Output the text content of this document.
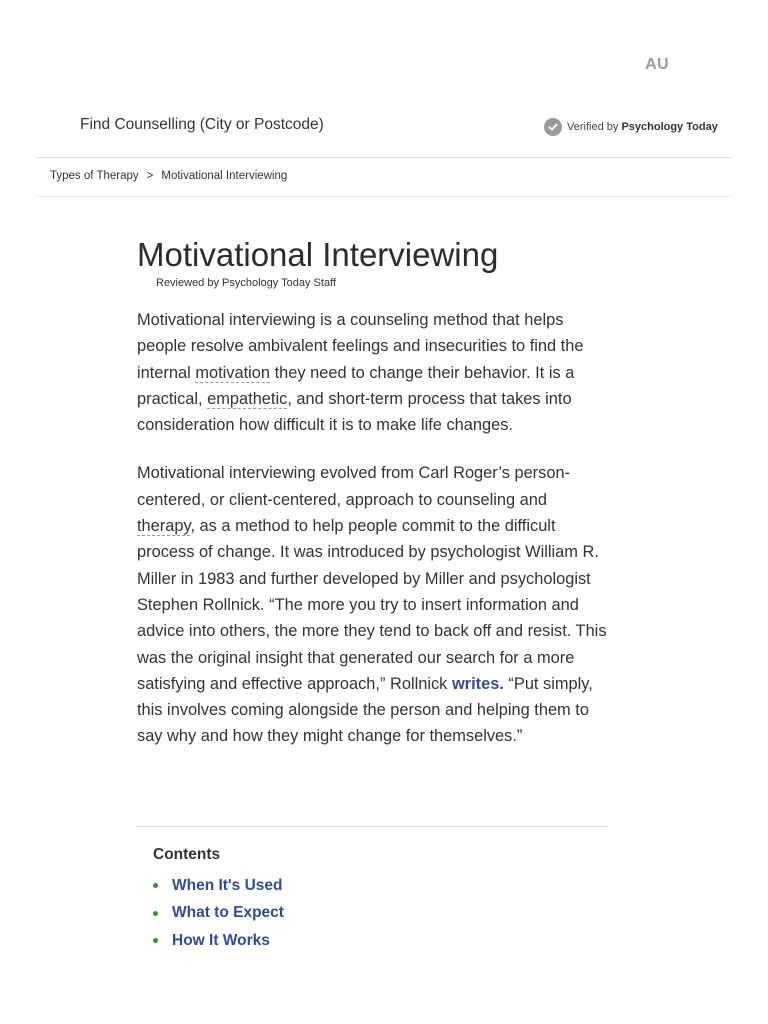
AU
Find Counselling (City or Postcode)	Verified by
Psychology Today
Types of Therapy > Motivational Interviewing
Motivational Interviewing
Reviewed by Psychology Today Staff

Motivational interviewing is a counseling method that helps people resolve ambivalent feelings and insecurities to find the internal motivation they need to change their behavior. It is a practical, empathetic, and short-term process that takes into consideration how difficult it is to make life changes.

Motivational interviewing evolved from Carl Roger’s person-centered, or client-centered, approach to counseling and therapy, as a method to help people commit to the difficult process of change. It was introduced by psychologist William R. Miller in 1983 and further developed by Miller and psychologist Stephen Rollnick. “The more you try to insert information and advice into others, the more they tend to back off and resist. This was the original insight that generated our search for a more satisfying and effective approach,” Rollnick writes. “Put simply, this involves coming alongside the person and helping them to say why and how they might change for themselves.”

Contents
When It's Used
What to Expect
How It Works
